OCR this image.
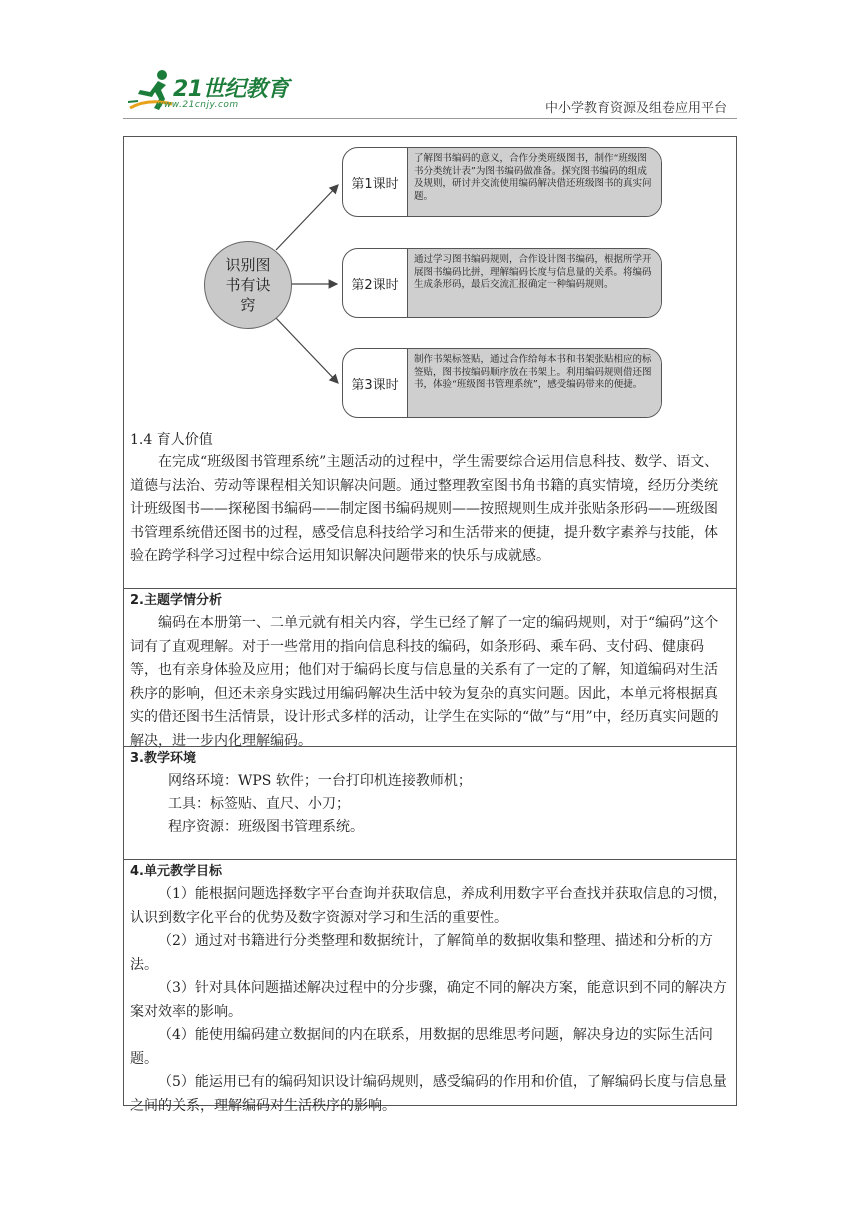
21世纪教育
www.21cnjy.com	中小学教育资源及组卷应用平台
识别图书有诀窍
第1课时
了解图书编码的意义，合作分类班级图书，制作“班级图书分类统计表”为图书编码做准备。探究图书编码的组成及规则，研讨并交流使用编码解决借还班级图书的真实问题。
第2课时
通过学习图书编码规则，合作设计图书编码，根据所学开展图书编码比拼，理解编码长度与信息量的关系。将编码生成条形码，最后交流汇报确定一种编码规则。
第3课时
制作书架标签贴，通过合作给每本书和书架张贴相应的标签贴，图书按编码顺序放在书架上。利用编码规则借还图书，体验“班级图书管理系统”，感受编码带来的便捷。

1.4 育人价值

在完成“班级图书管理系统”主题活动的过程中，学生需要综合运用信息科技、数学、语文、道德与法治、劳动等课程相关知识解决问题。通过整理教室图书角书籍的真实情境，经历分类统计班级图书——探秘图书编码——制定图书编码规则——按照规则生成并张贴条形码——班级图书管理系统借还图书的过程，感受信息科技给学习和生活带来的便捷，提升数字素养与技能，体验在跨学科学习过程中综合运用知识解决问题带来的快乐与成就感。

2.主题学情分析

编码在本册第一、二单元就有相关内容，学生已经了解了一定的编码规则，对于“编码”这个词有了直观理解。对于一些常用的指向信息科技的编码，如条形码、乘车码、支付码、健康码等，也有亲身体验及应用；他们对于编码长度与信息量的关系有了一定的了解，知道编码对生活秩序的影响，但还未亲身实践过用编码解决生活中较为复杂的真实问题。因此，本单元将根据真实的借还图书生活情景，设计形式多样的活动，让学生在实际的“做”与“用”中，经历真实问题的解决，进一步内化理解编码。

3.教学环境

网络环境：WPS 软件；一台打印机连接教师机；

工具：标签贴、直尺、小刀；

程序资源：班级图书管理系统。

4.单元教学目标

（1）能根据问题选择数字平台查询并获取信息，养成利用数字平台查找并获取信息的习惯，认识到数字化平台的优势及数字资源对学习和生活的重要性。

（2）通过对书籍进行分类整理和数据统计，了解简单的数据收集和整理、描述和分析的方法。

（3）针对具体问题描述解决过程中的分步骤，确定不同的解决方案，能意识到不同的解决方案对效率的影响。

（4）能使用编码建立数据间的内在联系，用数据的思维思考问题，解决身边的实际生活问题。

（5）能运用已有的编码知识设计编码规则，感受编码的作用和价值，了解编码长度与信息量之间的关系，理解编码对生活秩序的影响。
